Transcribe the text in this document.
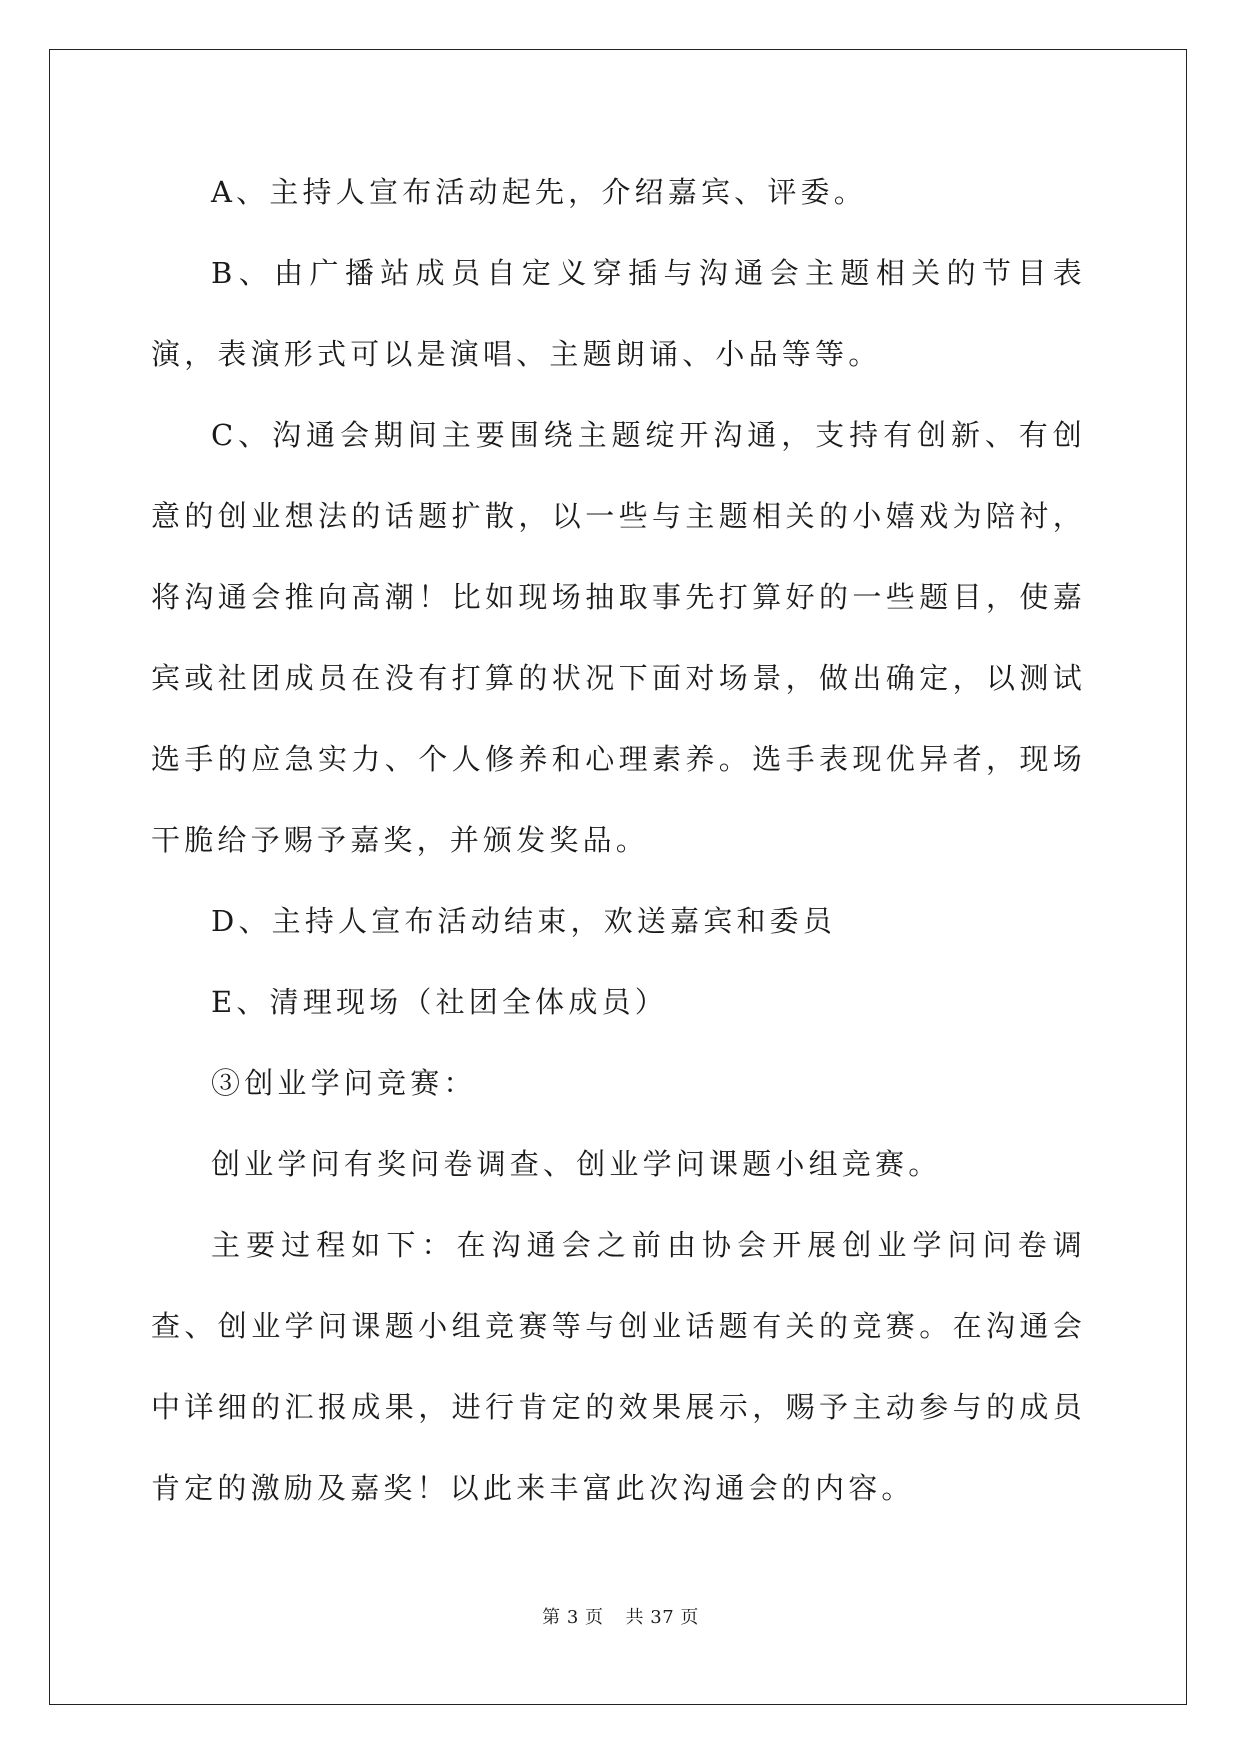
A、主持人宣布活动起先，介绍嘉宾、评委。

B、由广播站成员自定义穿插与沟通会主题相关的节目表演，表演形式可以是演唱、主题朗诵、小品等等。

C、沟通会期间主要围绕主题绽开沟通，支持有创新、有创意的创业想法的话题扩散，以一些与主题相关的小嬉戏为陪衬，将沟通会推向高潮！比如现场抽取事先打算好的一些题目，使嘉宾或社团成员在没有打算的状况下面对场景，做出确定，以测试选手的应急实力、个人修养和心理素养。选手表现优异者，现场干脆给予赐予嘉奖，并颁发奖品。

D、主持人宣布活动结束，欢送嘉宾和委员

E、清理现场（社团全体成员）

③创业学问竞赛：

创业学问有奖问卷调查、创业学问课题小组竞赛。

主要过程如下：在沟通会之前由协会开展创业学问问卷调查、创业学问课题小组竞赛等与创业话题有关的竞赛。在沟通会中详细的汇报成果，进行肯定的效果展示，赐予主动参与的成员肯定的激励及嘉奖！以此来丰富此次沟通会的内容。

第 3 页 共 37 页
